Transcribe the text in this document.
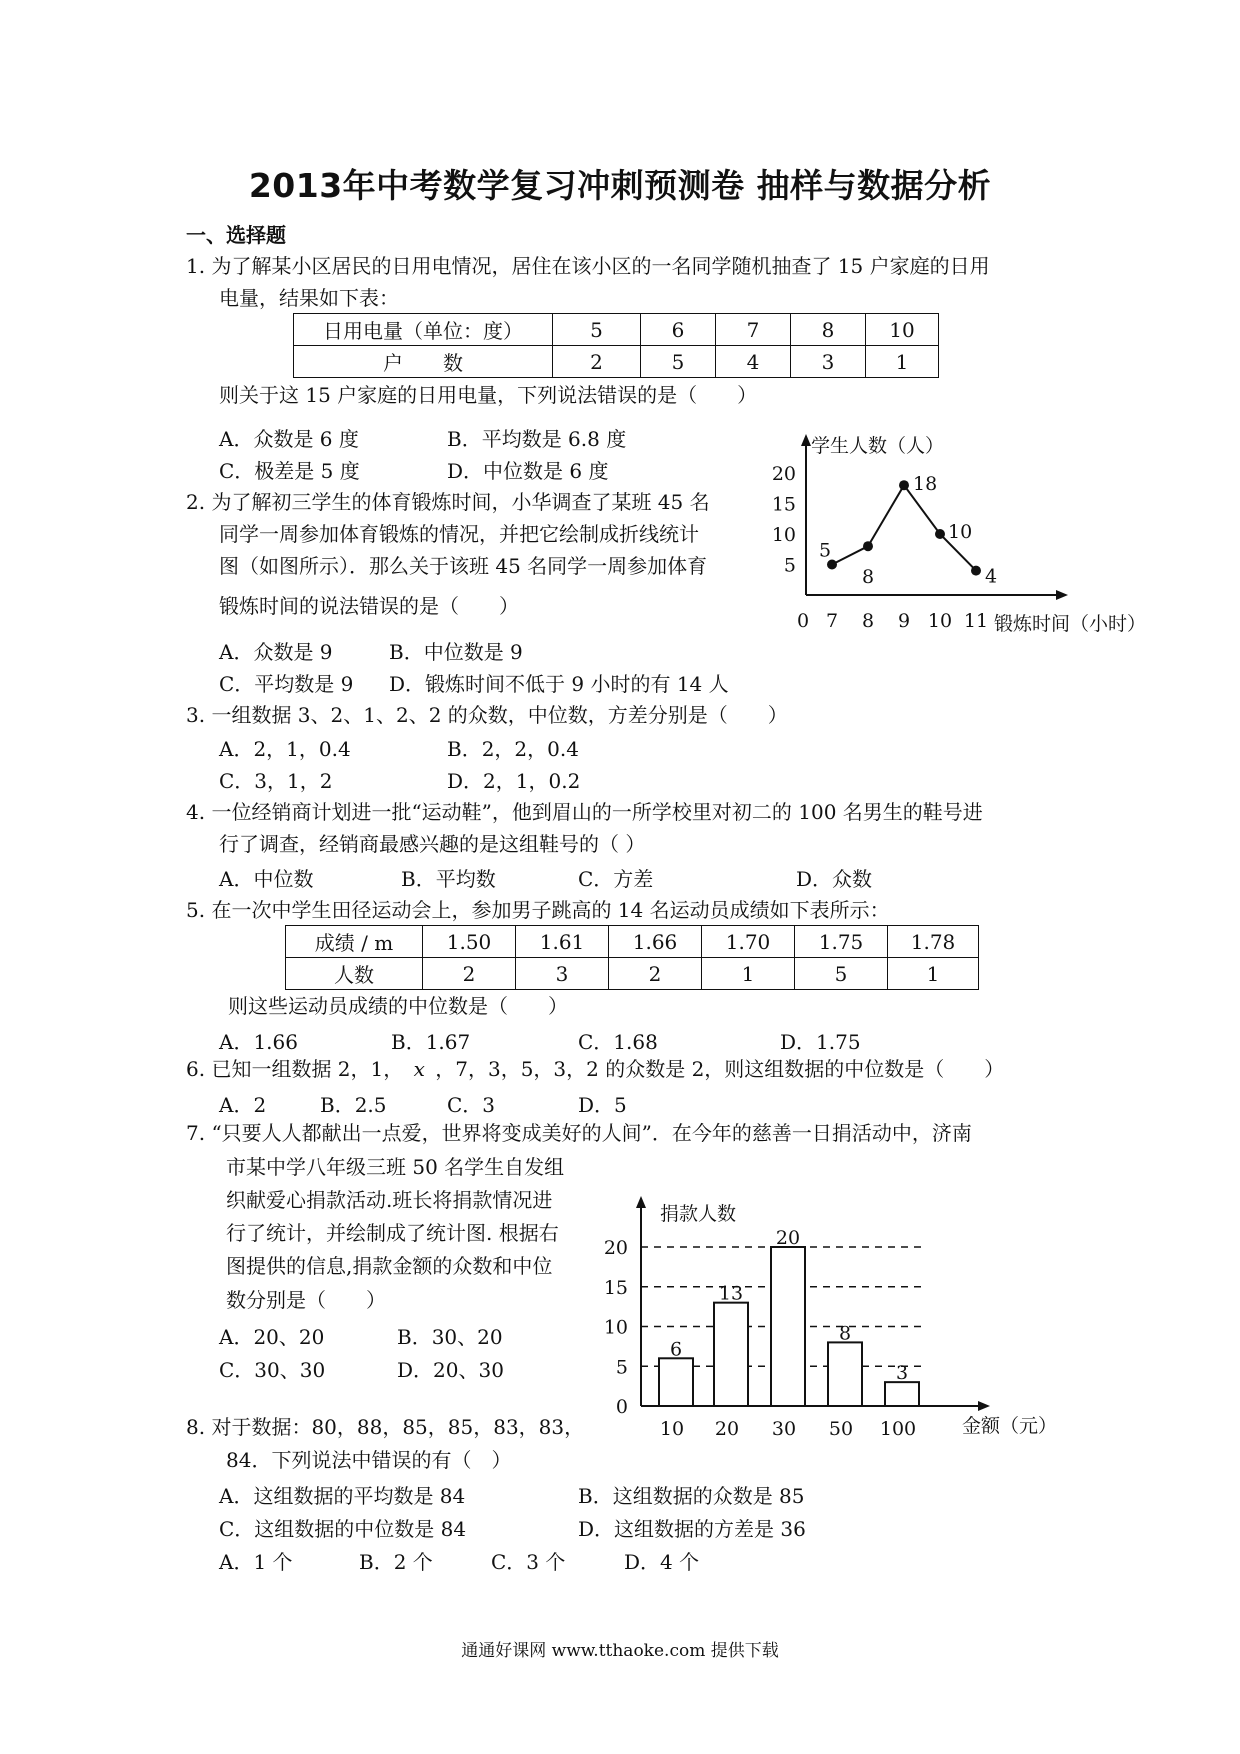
2013年中考数学复习冲刺预测卷 抽样与数据分析
一、选择题
1. 为了解某小区居民的日用电情况，居住在该小区的一名同学随机抽查了 15 户家庭的日用
电量，结果如下表：
日用电量（单位：度）	5	6	7	8	10
户　　数	2	5	4	3	1
则关于这 15 户家庭的日用电量，下列说法错误的是（　　）
A．众数是 6 度	B．平均数是 6.8 度
C．极差是 5 度	D．中位数是 6 度
学生人数（人）
锻炼时间（小时）
5
10
15
20
0 7 8 9 10 11
5
8
18
10
4
2. 为了解初三学生的体育锻炼时间，小华调查了某班 45 名
同学一周参加体育锻炼的情况，并把它绘制成折线统计
图（如图所示）．那么关于该班 45 名同学一周参加体育
锻炼时间的说法错误的是（　　）
A．众数是 9	B．中位数是 9
C．平均数是 9 D．锻炼时间不低于 9 小时的有 14 人
3. 一组数据 3、2、1、2、2 的众数，中位数，方差分别是（　　）
A．2，1，0.4	B．2，2，0.4
C．3，1，2	D．2，1，0.2
4. 一位经销商计划进一批“运动鞋”，他到眉山的一所学校里对初二的 100 名男生的鞋号进
行了调查，经销商最感兴趣的是这组鞋号的（ ）
A．中位数	B．平均数	C．方差	D．众数
5. 在一次中学生田径运动会上，参加男子跳高的 14 名运动员成绩如下表所示：
成绩 / m	1.50	1.61	1.66	1.70	1.75	1.78
人数	2	3	2	1	5	1
则这些运动员成绩的中位数是（　　）
A．1.66	B．1.67	C．1.68	D．1.75
6. 已知一组数据 2，1， x ，7，3，5，3，2 的众数是 2，则这组数据的中位数是（　　）
A．2	B．2.5	C．3	D．5
7. “只要人人都献出一点爱，世界将变成美好的人间”．在今年的慈善一日捐活动中，济南
市某中学八年级三班 50 名学生自发组
织献爱心捐款活动.班长将捐款情况进
行了统计，并绘制成了统计图. 根据右
图提供的信息,捐款金额的众数和中位
数分别是（　　）
A．20、20	B．30、20
C．30、30	D．20、30
捐款人数
金额（元）
0
5
10
15
20
6
10
13
20
20
30
8
50
3
100
8. 对于数据：80，88，85，85，83，83，
84．下列说法中错误的有（　）
A．这组数据的平均数是 84	B．这组数据的众数是 85
C．这组数据的中位数是 84	D．这组数据的方差是 36
A．1 个	B．2 个	C．3 个	D．4 个
通通好课网 www.tthaoke.com 提供下载
